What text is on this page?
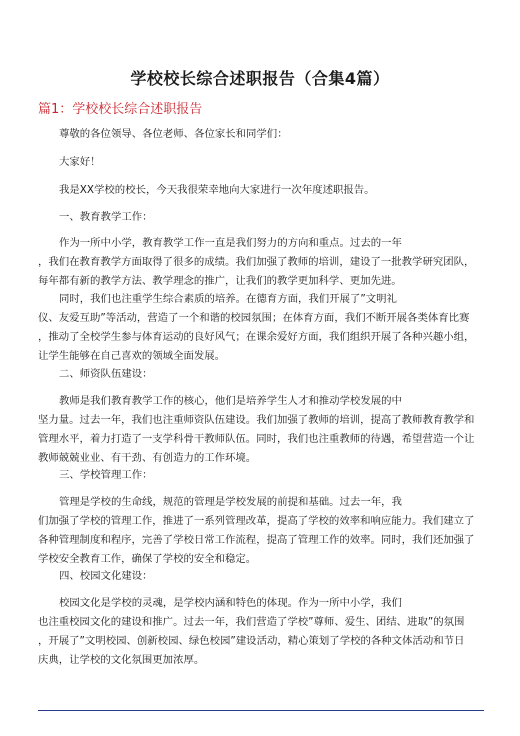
学校校长综合述职报告（合集4篇）
篇1：学校校长综合述职报告
尊敬的各位领导、各位老师、各位家长和同学们：
大家好！
我是XX学校的校长，今天我很荣幸地向大家进行一次年度述职报告。
一、教育教学工作：
作为一所中小学，教育教学工作一直是我们努力的方向和重点。过去的一年
，我们在教育教学方面取得了很多的成绩。我们加强了教师的培训，建设了一批教学研究团队，
每年都有新的教学方法、教学理念的推广，让我们的教学更加科学、更加先进。
同时，我们也注重学生综合素质的培养。在德育方面，我们开展了”文明礼
仪、友爱互助”等活动，营造了一个和谐的校园氛围；在体育方面，我们不断开展各类体育比赛
，推动了全校学生参与体育运动的良好风气；在课余爱好方面，我们组织开展了各种兴趣小组，
让学生能够在自己喜欢的领域全面发展。
二、师资队伍建设：
教师是我们教育教学工作的核心，他们是培养学生人才和推动学校发展的中
坚力量。过去一年，我们也注重师资队伍建设。我们加强了教师的培训，提高了教师教育教学和
管理水平，着力打造了一支学科骨干教师队伍。同时，我们也注重教师的待遇，希望营造一个让
教师兢兢业业、有干劲、有创造力的工作环境。
三、学校管理工作：
管理是学校的生命线，规范的管理是学校发展的前提和基础。过去一年，我
们加强了学校的管理工作，推进了一系列管理改革，提高了学校的效率和响应能力。我们建立了
各种管理制度和程序，完善了学校日常工作流程，提高了管理工作的效率。同时，我们还加强了
学校安全教育工作，确保了学校的安全和稳定。
四、校园文化建设：
校园文化是学校的灵魂，是学校内涵和特色的体现。作为一所中小学，我们
也注重校园文化的建设和推广。过去一年，我们营造了学校”尊师、爱生、团结、进取”的氛围
，开展了”文明校园、创新校园、绿色校园”建设活动，精心策划了学校的各种文体活动和节日
庆典，让学校的文化氛围更加浓厚。
